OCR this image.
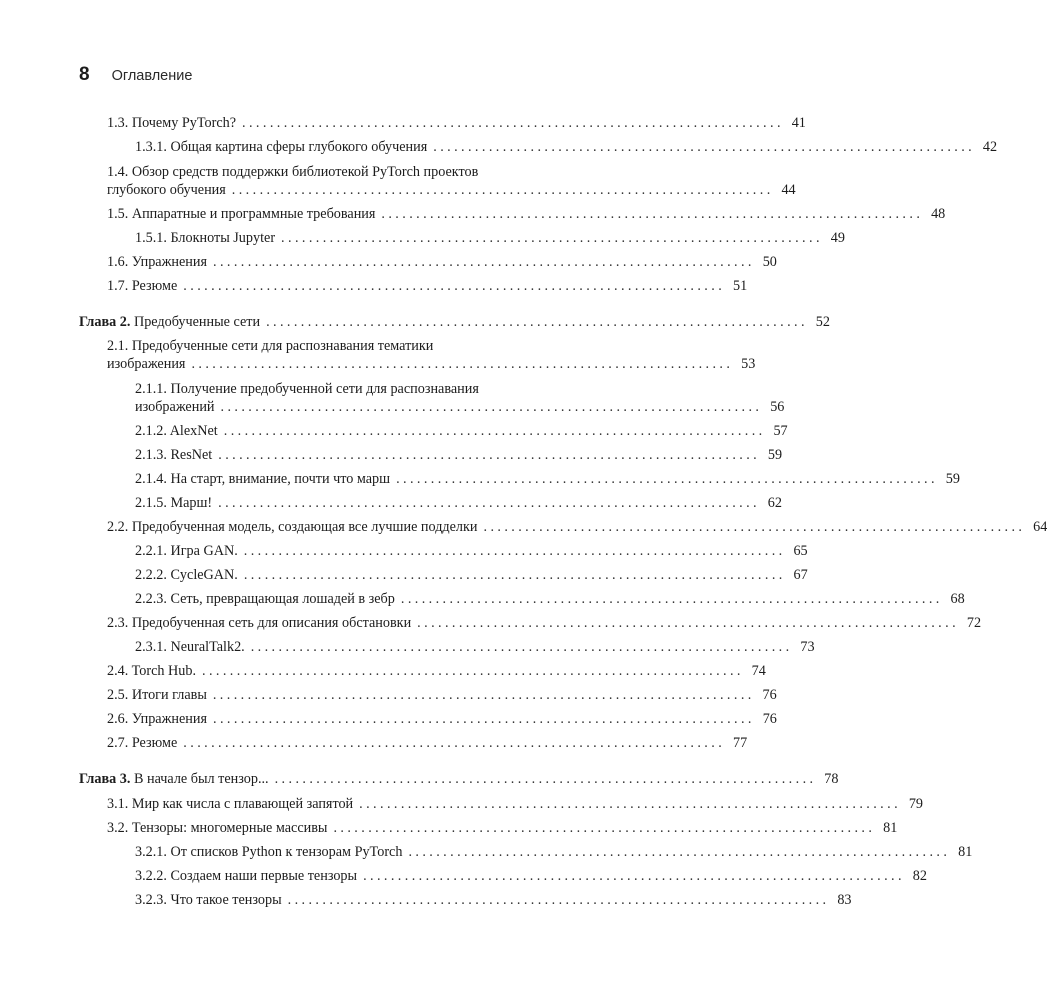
8 Оглавление
1.3. Почему PyTorch? .............................................................................. 41
1.3.1. Общая картина сферы глубокого обучения .............................................................................. 42
1.4. Обзор средств поддержки библиотекой PyTorch проектов
глубокого обучения .............................................................................. 44
1.5. Аппаратные и программные требования .............................................................................. 48
1.5.1. Блокноты Jupyter .............................................................................. 49
1.6. Упражнения .............................................................................. 50
1.7. Резюме .............................................................................. 51
Глава 2. Предобученные сети .............................................................................. 52
2.1. Предобученные сети для распознавания тематики
изображения .............................................................................. 53
2.1.1. Получение предобученной сети для распознавания
изображений .............................................................................. 56
2.1.2. AlexNet .............................................................................. 57
2.1.3. ResNet .............................................................................. 59
2.1.4. На старт, внимание, почти что марш .............................................................................. 59
2.1.5. Марш! .............................................................................. 62
2.2. Предобученная модель, создающая все лучшие подделки .............................................................................. 64
2.2.1. Игра GAN. .............................................................................. 65
2.2.2. CycleGAN. .............................................................................. 67
2.2.3. Сеть, превращающая лошадей в зебр .............................................................................. 68
2.3. Предобученная сеть для описания обстановки .............................................................................. 72
2.3.1. NeuralTalk2. .............................................................................. 73
2.4. Torch Hub. .............................................................................. 74
2.5. Итоги главы .............................................................................. 76
2.6. Упражнения .............................................................................. 76
2.7. Резюме .............................................................................. 77
Глава 3. В начале был тензор... .............................................................................. 78
3.1. Мир как числа с плавающей запятой .............................................................................. 79
3.2. Тензоры: многомерные массивы .............................................................................. 81
3.2.1. От списков Python к тензорам PyTorch .............................................................................. 81
3.2.2. Создаем наши первые тензоры .............................................................................. 82
3.2.3. Что такое тензоры .............................................................................. 83
